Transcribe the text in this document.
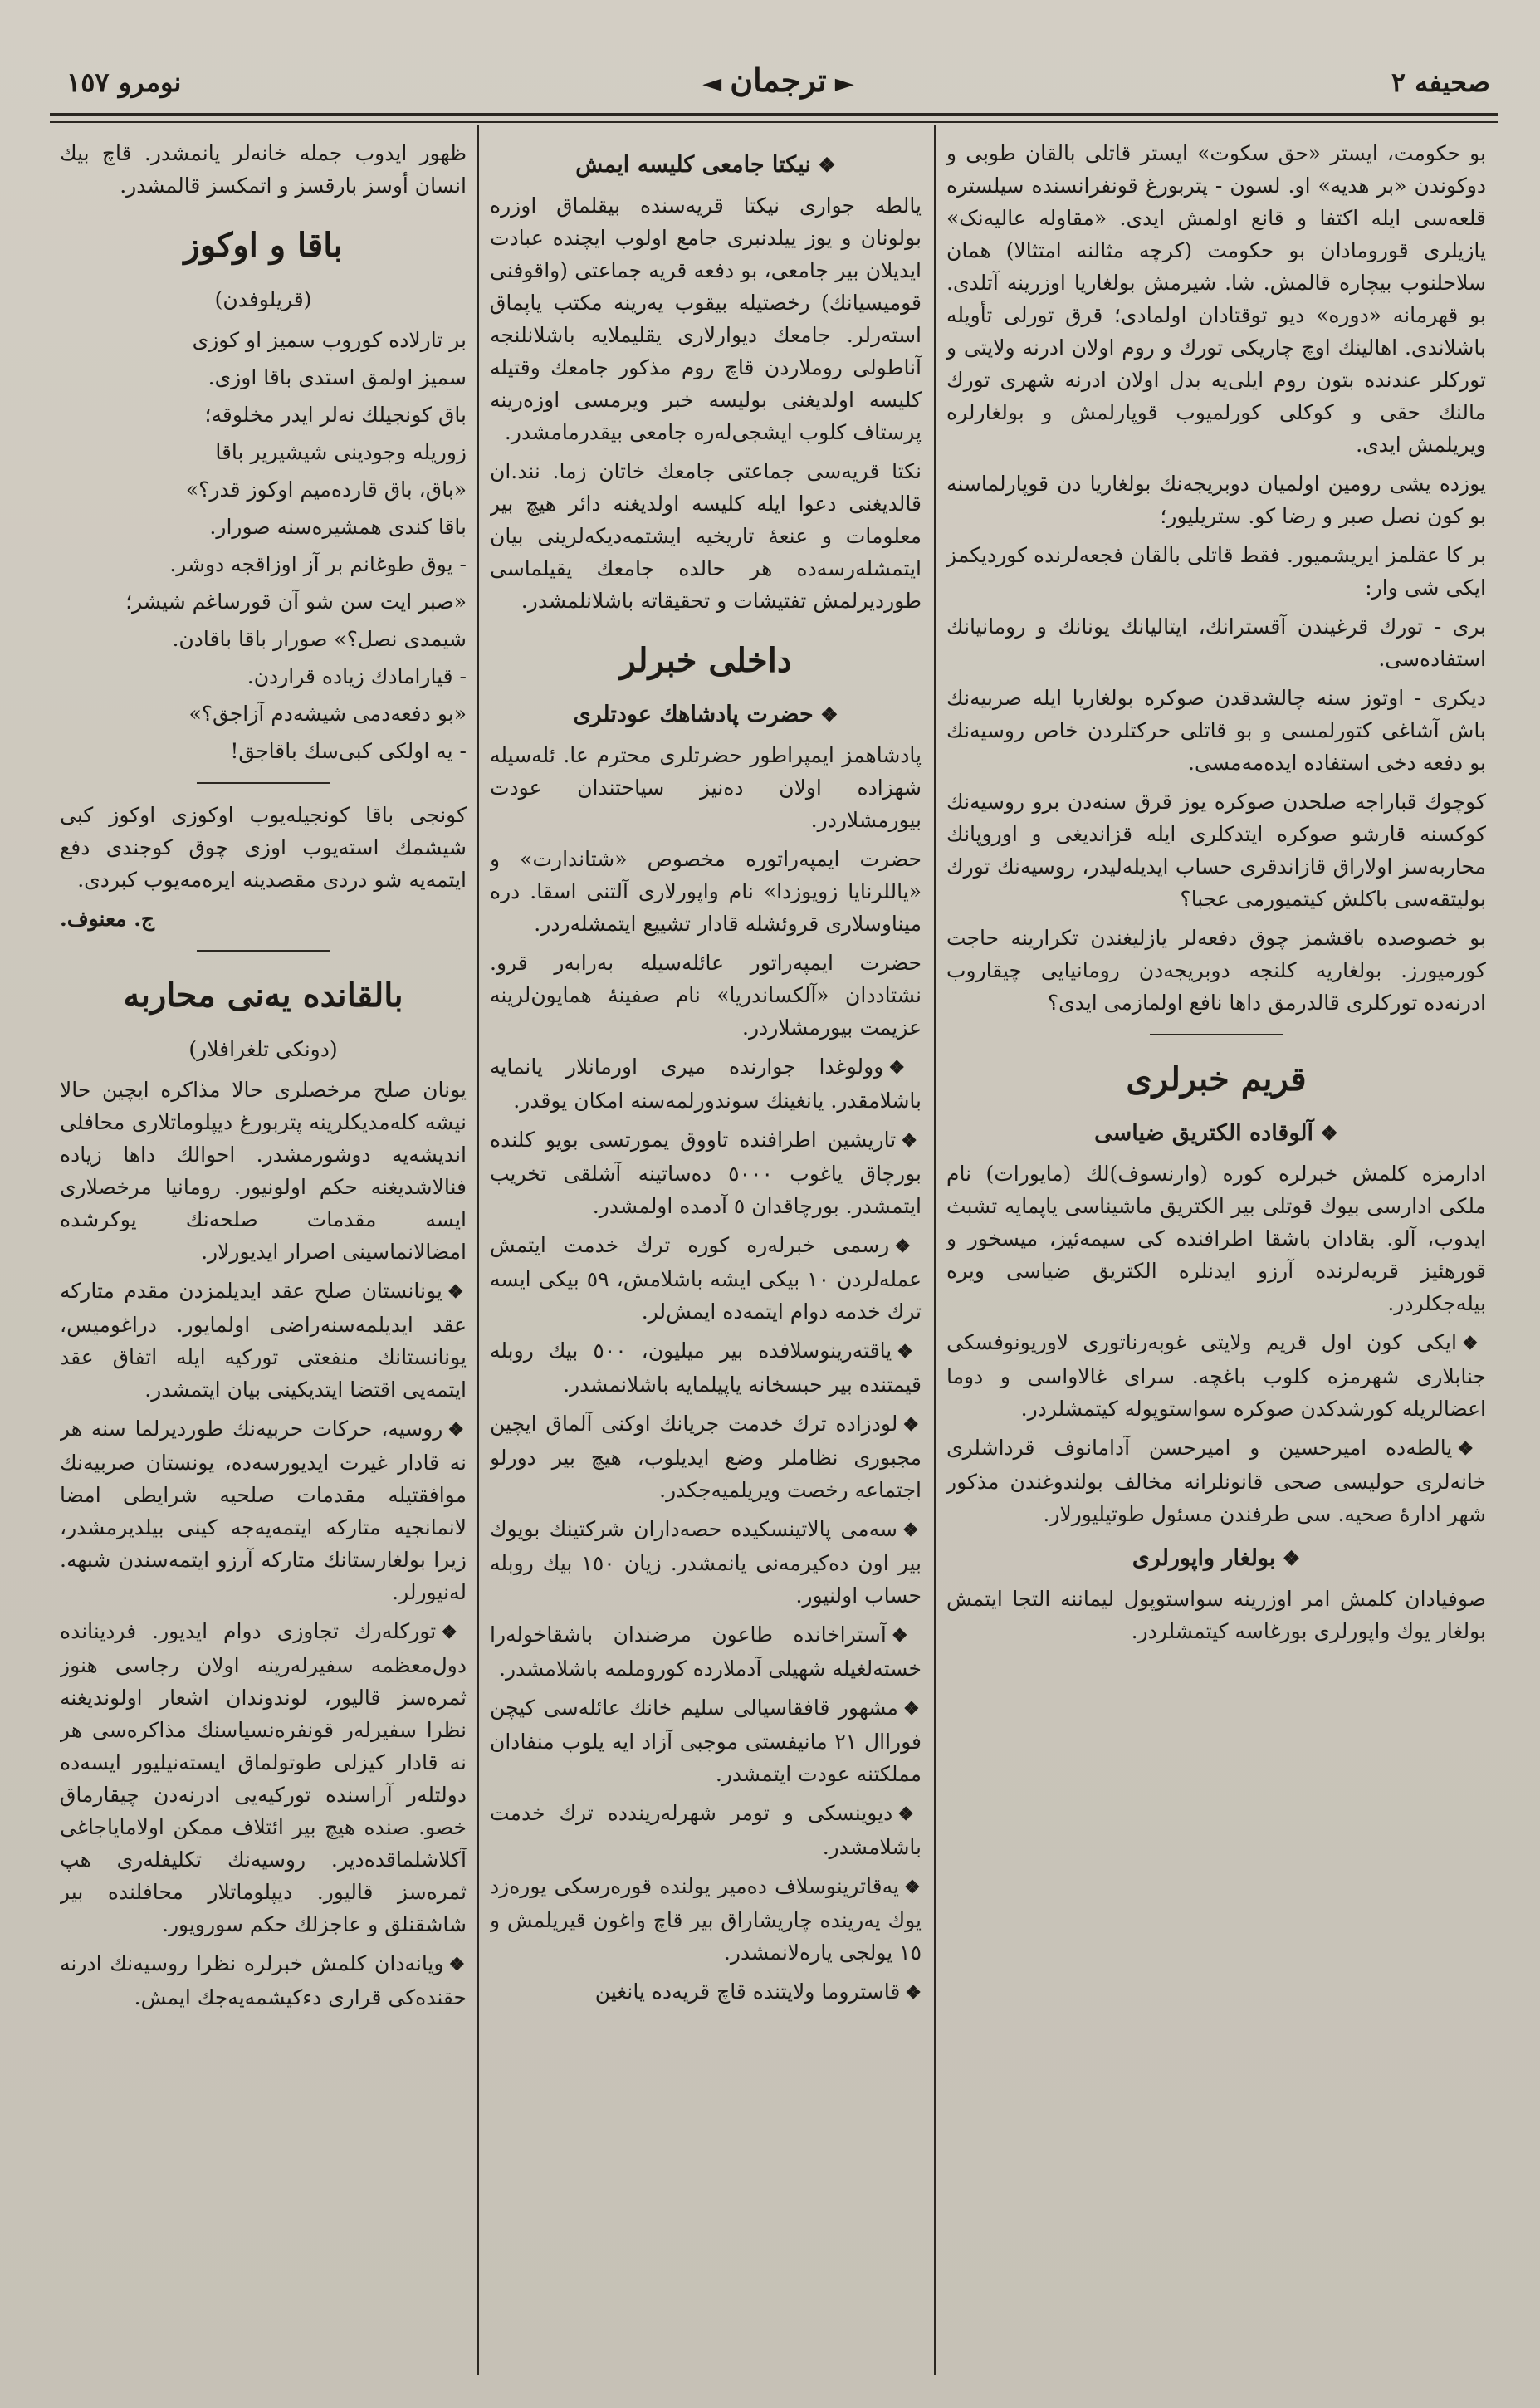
نومرو ١٥٧	◄ ترجمان ►	صحيفه ٢

بو حکومت، ایستر «حق سکوت» ایستر قاتلی بالقان طوبی و دوکوندن «بر هدیه» او. لسون - پتربورغ قونفرانسنده سیلستره قلعه‌سی ایله اکتفا و قانع اولمش ایدی. «مقاوله عالیه‌نک» یازیلری قورومادان بو حکومت (کرچه مثالنه امتثالا) همان سلاحلنوب بیچاره قالمش. شا. شیرمش بولغاریا اوزرینه آتلدی. بو قهرمانه «دوره» دیو توقتادان اولمادی؛ قرق تورلی تأویله باشلاندی. اهالینك اوچ چاریکی تورك و روم اولان ادرنه ولایتی و تورکلر عندنده بتون روم ایلی‌یه بدل اولان ادرنه شهری تورك مالنك حقی و کوکلی کورلمیوب قوپارلمش و بولغارلره ویریلمش ایدی.

یوزده یشی رومین اولمیان دوبریجه‌نك بولغاریا دن قوپارلماسنه بو کون نصل صبر و رضا کو. ستریلیور؛

بر کا عقلمز ایریشمیور. فقط قاتلی بالقان فجعه‌لرنده کوردیکمز ایکی شی وار:

بری - تورك قرغیندن آقسترانك، ایتالیانك یونانك و رومانیانك استفاده‌سی.

دیکری - اوتوز سنه چالشدقدن صوکره بولغاریا ایله صربیه‌نك باش آشاغی کتورلمسی و بو قاتلی حرکتلردن خاص روسیه‌نك بو دفعه دخی استفاده ایده‌مه‌مسی.

کوچوك قباراجه صلحدن صوکره یوز قرق سنه‌دن برو روسیه‌نك کوکسنه قارشو صوکره ایتدکلری ایله قزاندیغی و اوروپانك محاربه‌سز اولاراق قازاندقری حساب ایدیله‌لیدر، روسیه‌نك تورك بولیتقه‌سی باکلش کیتمیورمی عجبا؟

بو خصوصده باقشمز چوق دفعه‌لر یازلیغندن تکرارینه حاجت کورمیورز. بولغاریه کلنجه دوبریجه‌دن رومانیایی چیقاروب ادرنه‌ده تورکلری قالدرمق داها نافع اولمازمی ایدی؟

قریم خبرلری
❖ آلوقاده الکتریق ضیاسی

ادارمزه کلمش خبرلره کوره (وارنسوف)لك (مایورات) نام ملکی ادارسی بیوك قوتلی بیر الکتریق ماشینا‌سی یاپمایه تشبث ایدوب، آلو. بقادان باشقا اطرافنده کی سیمه‌ئیز، میسخور و قورهئیز قریه‌لرنده آرزو ایدنلره الکتریق ضیاسی ویره بیله‌جکلردر.

❖ایکی کون اول قریم ولایتی غوبه‌رناتوری لاوریونوفسکی جنابلاری شهرمزه کلوب باغچه. سرای غالاواسی و دوما اعضالریله کورشدکدن صوکره سواستوپوله کیتمشلردر.

❖یالطه‌ده امیرحسین و امیرحسن آدامانوف قرداشلری خانه‌لری حولیسی صحی قانونلرانه مخالف بولندوغندن مذکور شهر ادارهٔ صحیه. سی طرفندن مسئول طوتیلیورلار.

❖ بولغار واپورلری

صوفیادان کلمش امر اوزرینه سواستوپول لیماننه التجا ایتمش بولغار یوك واپورلری بورغاسه کیتمشلردر.

❖ نیکتا جامعی کلیسه ایمش

یالطه جواری نیکتا قریه‌سنده بیقلماق اوزره بولونان و یوز ییلدنبری جامع اولوب ایچنده عبادت ایدیلان بیر جامعی، بو دفعه قریه جماعتی (واقوفنی قومیسیانك) رخصتیله بیقوب یه‌رینه مکتب یاپماق استه‌رلر. جامعك دیوارلاری یقلیملایه باشلانلنجه آناطولی روملاردن قاچ روم مذکور جامعك وقتیله کلیسه اولدیغنی بولیسه خبر ویرمسی اوزه‌رینه پرستاف کلوب ایشجی‌له‌ره جامعی بیقدرمامشدر.

نکتا قریه‌سی جماعتی جامعك خاتان زما. نند.ان قالدیغنی دعوا ایله کلیسه اولدیغنه دائر هیچ بیر معلومات و عنعهٔ تاریخیه ایشتمه‌دیکه‌لرینی بیان ایتمشله‌رسه‌ده هر حالده جامعك یقیلماسی طوردیرلمش تفتیشات و تحقیقاته باشلانلمشدر.

داخلی خبرلر
❖ حضرت پادشاهك عودتلری

پادشاهمز ایمپراطور حضرتلری محترم عا. ئله‌سیله شهزاده اولان دەنیز سیاحتندان عودت بیورمشلاردر.

حضرت ایمپه‌راتوره مخصوص «شتاندارت» و «یاللرنایا زویوزدا» نام واپورلاری آلتنی اسقا. دره میناوسلاری قروئشله قادار تشییع ایتمشله‌ردر.

حضرت ایمپه‌راتور عائله‌سیله به‌رابه‌ر قرو. نشتاددان «آلکساندریا» نام صفینهٔ همایون‌لرینه عزیمت بیورمشلاردر.

❖وولوغدا جوارنده میری اورمانلار یانمایه باشلامقدر. یانغینك سوندورلمه‌سنه امکان یوقدر.

❖تاریشین اطرافنده تاووق یمورتسی بویو کلنده بورچاق یاغوب ٥٠٠٠ دەساتینه آشلقی تخریب ایتمشدر. بورچاقدان ٥ آدمده اولمشدر.

❖رسمی خبرله‌ره کوره ترك خدمت ایتمش عمله‌لردن ١٠ بیکی ایشه باشلامش، ٥٩ بیکی ایسه ترك خدمه دوام ایتمه‌ده ایمش‌لر.

❖یاقته‌رینوسلافده بیر میلیون، ٥٠٠ بیك روبله قیمتنده بیر حبسخانه یاپیلمایه باشلانمشدر.

❖لودزاده ترك خدمت جریانك اوکنی آلماق ایچین مجبوری نظاملر وضع ایدیلوب، هیچ بیر دورلو اجتماعه رخصت ویریلمیه‌جکدر.

❖سه‌می پالاتینسکیده حصه‌داران شرکتینك بویوك بیر اون ده‌کیرمه‌نی یانمشدر. زیان ١٥٠ بیك روبله حساب اولنیور.

❖آستراخانده طاعون مرضندان باشقا‌خولەرا خسته‌لغیله شهیلی آدملارده کوروملمه باشلامشدر.

❖مشهور قافقاسیالی سلیم خانك عائله‌سی کیچن فوراال ٢١ مانیفستی موجبی آزاد ایه یلوب منفادان مملکتنه عودت ایتمشدر.

❖دیوینسکی و تومر شهرله‌ریندده ترك خدمت باشلامشدر.

❖یه‌قاترینوسلاف دەمیر یولنده قوره‌رسکی یوره‌زد یوك یه‌رینده چاریشاراق بیر قاچ واغون قیریلمش و ١٥ یولجی یارەلانمشدر.

❖قاستروما ولایتنده قاچ قریه‌ده یانغین

ظهور ایدوب جمله خانه‌لر یانمشدر. قاچ بیك انسان أوسز بارقسز و اتمکسز قالمشدر.

باقا و اوکوز
(قریلوفدن)

بر تارلاده کوروب سمیز او کوزی

سمیز اولمق استدی باقا اوزی.

باق کونجیلك نه‌لر ایدر مخلوقه؛

زوریله وجودینی شیشیریر باقا

«باق، باق قارده‌میم اوکوز قدر؟»

باقا کندی همشیره‌سنه صورار.

- یوق طوغانم بر آز اوزاقجه دوشر.

«صبر ایت سن شو آن قورساغم شیشر؛

شیمدی نصل؟» صورار باقا باقادن.

- قیارامادك زیاده قراردن.

«بو دفعه‌دمی شیشه‌دم آزاجق؟»

- یه اولکی کبی‌سك باقاجق!

کونجی باقا کونجیله‌یوب اوکوزی اوکوز کبی شیشمك استه‌یوب اوزی چوق کوجندی دفع ایتمه‌یه شو دردی مقصدینه ایره‌مه‌یوب کبردی.

ج. معنوف.
بالقانده یه‌نی محاربه
(دونکی تلغرافلار)

یونان صلح مرخصلری حالا مذاکره ایچین حالا نیشه کله‌مدیکلرینه پتربورغ دیپلوماتلاری محافلی اندیشه‌یه دوشورمشدر. احوالك داها زیاده فنالاشدیغنه حکم اولونیور. رومانیا مرخصلاری ایسه مقدمات صلحه‌نك یوکرشده امضالانماسینی اصرار ایدیورلار.

❖یونانستان صلح عقد ایدیلمزدن مقدم متارکه عقد ایدیلمه‌سنه‌راضی اولمایور. دراغومیس، یونانستانك منفعتی تورکیه ایله اتفاق عقد ایتمه‌یی اقتضا ایتدیکینی بیان ایتمشدر.

❖روسیه، حرکات حربیه‌نك طوردیرلما سنه هر نه قادار غیرت ایدیورسه‌ده، یونستان صربیه‌نك موافقتیله مقدمات صلحیه شرایطی امضا لانمانجیه متارکه ایتمه‌یه‌جه کینی بیلدیرمشدر، زیرا بولغارستانك متارکه آرزو ایتمه‌سندن شبهه. له‌نیورلر.

❖تورکله‌رك تجاوزی دوام ایدیور. فردینانده دول‌معظمه سفیرله‌رینه اولان رجاسی هنوز ثمرەسز قالیور، لوندوندان اشعار اولوندیغنه نظرا سفیرله‌ر قونفرەنسیاسنك مذاکره‌سی هر نه قادار کیزلی طوتولماق ایسته‌نیلیور ایسه‌ده دولتله‌ر آراسنده تورکیه‌یی ادرنه‌دن چیقارماق خصو. صنده هیچ بیر ائتلاف ممکن اولامایاجاغی آکلاشلماقده‌دیر. روسیه‌نك تکلیفله‌ری هپ ثمره‌سز قالیور. دیپلوماتلار محافلنده بیر شاشقنلق و عاجزلك حکم سورویور.

❖ویانه‌دان کلمش خبرلره نظرا روسیه‌نك ادرنه حقنده‌کی قراری دءکیشمه‌یه‌جك ایمش.
